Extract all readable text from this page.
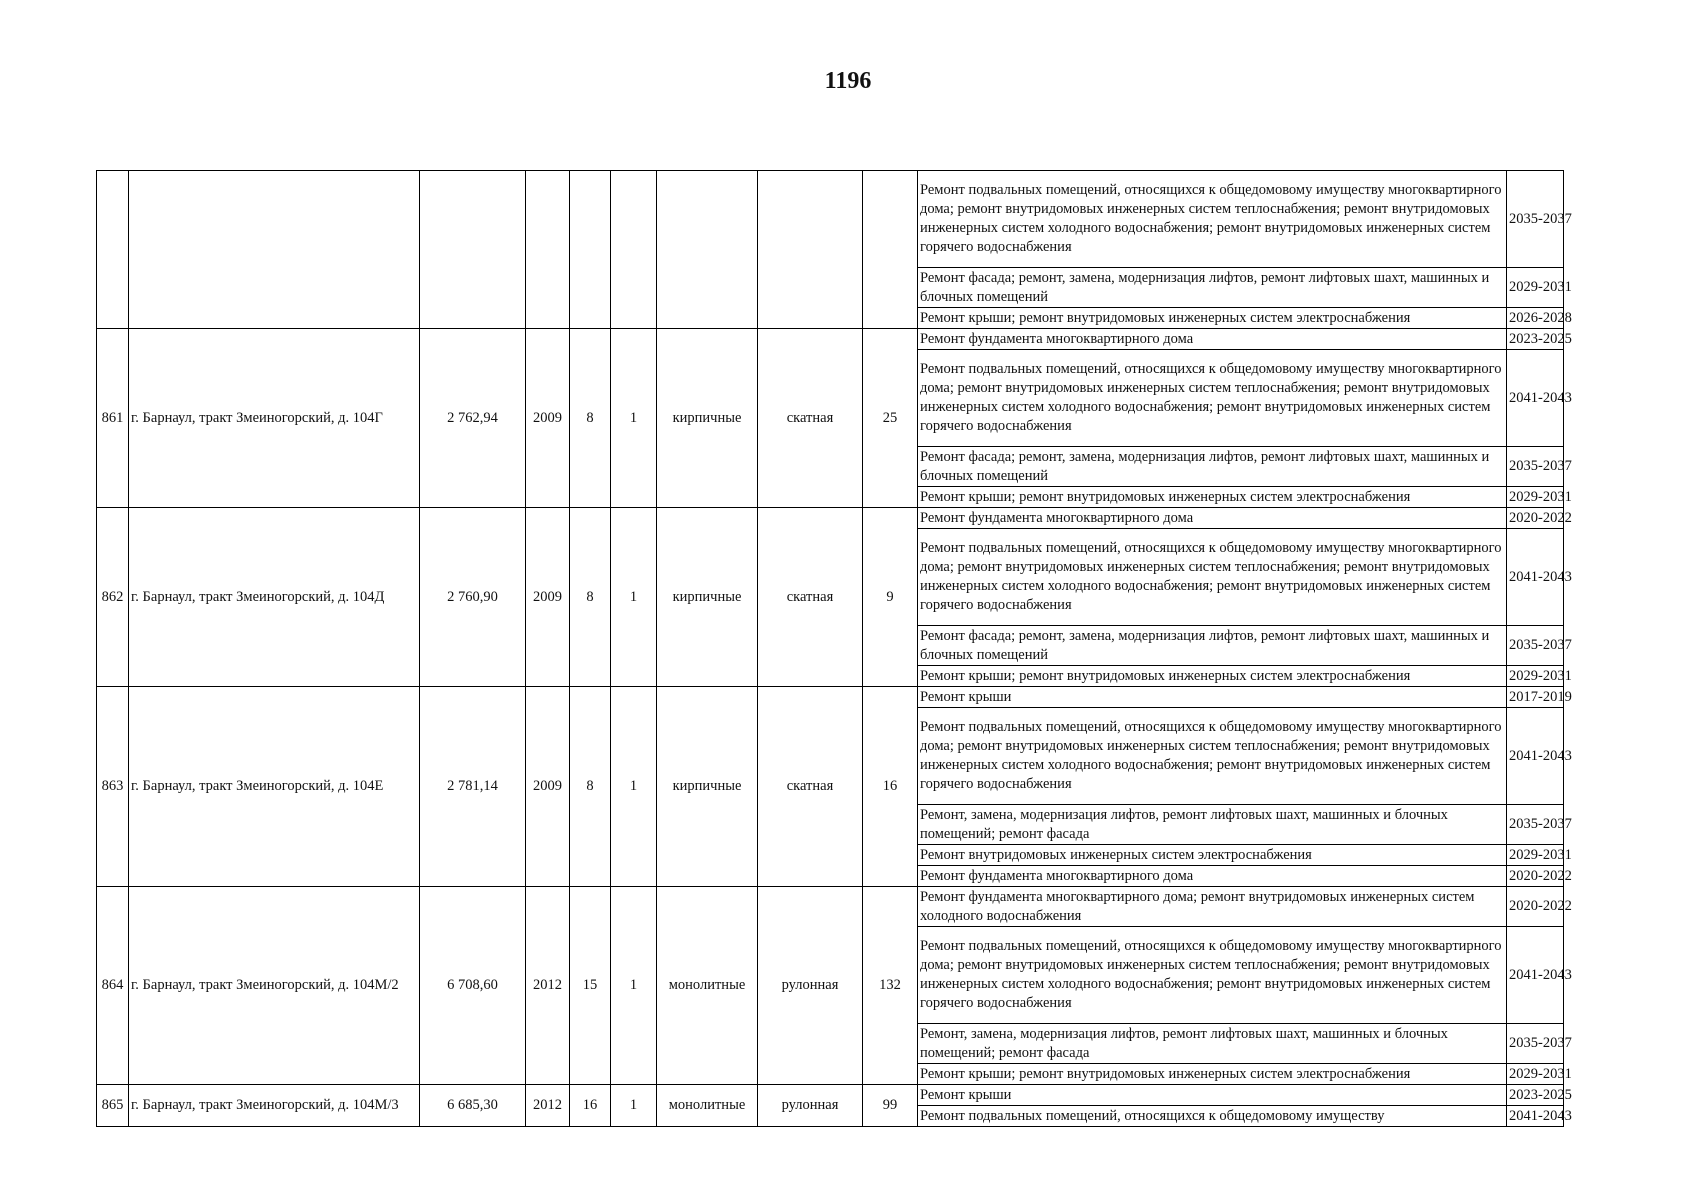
1196
									Ремонт подвальных помещений, относящихся к общедомовому имуществу многоквартирного дома; ремонт внутридомовых инженерных систем теплоснабжения; ремонт внутридомовых инженерных систем холодного водоснабжения; ремонт внутридомовых инженерных систем горячего водоснабжения	2035-2037
									Ремонт фасада; ремонт, замена, модернизация лифтов, ремонт лифтовых шахт, машинных и блочных помещений	2029-2031
									Ремонт крыши; ремонт внутридомовых инженерных систем электроснабжения	2026-2028
861	г. Барнаул, тракт Змеиногорский, д. 104Г	2 762,94	2009	8	1	кирпичные	скатная	25	Ремонт фундамента многоквартирного дома	2023-2025
									Ремонт подвальных помещений, относящихся к общедомовому имуществу многоквартирного дома; ремонт внутридомовых инженерных систем теплоснабжения; ремонт внутридомовых инженерных систем холодного водоснабжения; ремонт внутридомовых инженерных систем горячего водоснабжения	2041-2043
									Ремонт фасада; ремонт, замена, модернизация лифтов, ремонт лифтовых шахт, машинных и блочных помещений	2035-2037
									Ремонт крыши; ремонт внутридомовых инженерных систем электроснабжения	2029-2031
862	г. Барнаул, тракт Змеиногорский, д. 104Д	2 760,90	2009	8	1	кирпичные	скатная	9	Ремонт фундамента многоквартирного дома	2020-2022
									Ремонт подвальных помещений, относящихся к общедомовому имуществу многоквартирного дома; ремонт внутридомовых инженерных систем теплоснабжения; ремонт внутридомовых инженерных систем холодного водоснабжения; ремонт внутридомовых инженерных систем горячего водоснабжения	2041-2043
									Ремонт фасада; ремонт, замена, модернизация лифтов, ремонт лифтовых шахт, машинных и блочных помещений	2035-2037
									Ремонт крыши; ремонт внутридомовых инженерных систем электроснабжения	2029-2031
863	г. Барнаул, тракт Змеиногорский, д. 104Е	2 781,14	2009	8	1	кирпичные	скатная	16	Ремонт крыши	2017-2019
									Ремонт подвальных помещений, относящихся к общедомовому имуществу многоквартирного дома; ремонт внутридомовых инженерных систем теплоснабжения; ремонт внутридомовых инженерных систем холодного водоснабжения; ремонт внутридомовых инженерных систем горячего водоснабжения	2041-2043
									Ремонт, замена, модернизация лифтов, ремонт лифтовых шахт, машинных и блочных помещений; ремонт фасада	2035-2037
									Ремонт внутридомовых инженерных систем электроснабжения	2029-2031
									Ремонт фундамента многоквартирного дома	2020-2022
864	г. Барнаул, тракт Змеиногорский, д. 104М/2	6 708,60	2012	15	1	монолитные	рулонная	132	Ремонт фундамента многоквартирного дома; ремонт внутридомовых инженерных систем холодного водоснабжения	2020-2022
									Ремонт подвальных помещений, относящихся к общедомовому имуществу многоквартирного дома; ремонт внутридомовых инженерных систем теплоснабжения; ремонт внутридомовых инженерных систем холодного водоснабжения; ремонт внутридомовых инженерных систем горячего водоснабжения	2041-2043
									Ремонт, замена, модернизация лифтов, ремонт лифтовых шахт, машинных и блочных помещений; ремонт фасада	2035-2037
									Ремонт крыши; ремонт внутридомовых инженерных систем электроснабжения	2029-2031
865	г. Барнаул, тракт Змеиногорский, д. 104М/3	6 685,30	2012	16	1	монолитные	рулонная	99	Ремонт крыши	2023-2025
									Ремонт подвальных помещений, относящихся к общедомовому имуществу	2041-2043
